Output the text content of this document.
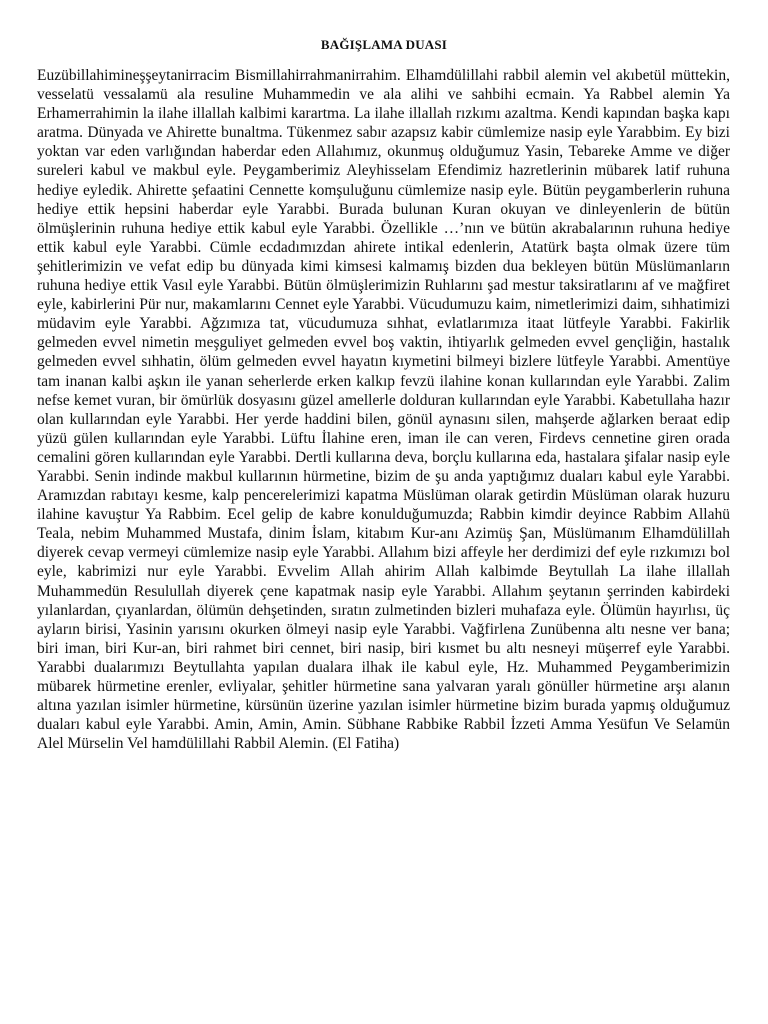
BAĞIŞLAMA DUASI

Euzübillahimineşşeytanirracim Bismillahirrahmanirrahim. Elhamdülillahi rabbil alemin vel akıbetül müttekin, vesselatü vessalamü ala resuline Muhammedin ve ala alihi ve sahbihi ecmain. Ya Rabbel alemin Ya Erhamerrahimin la ilahe illallah kalbimi karartma. La ilahe illallah rızkımı azaltma. Kendi kapından başka kapı aratma. Dünyada ve Ahirette bunaltma. Tükenmez sabır azapsız kabir cümlemize nasip eyle Yarabbim. Ey bizi yoktan var eden varlığından haberdar eden Allahımız, okunmuş olduğumuz Yasin, Tebareke Amme ve diğer sureleri kabul ve makbul eyle. Peygamberimiz Aleyhisselam Efendimiz hazretlerinin mübarek latif ruhuna hediye eyledik. Ahirette şefaatini Cennette komşuluğunu cümlemize nasip eyle. Bütün peygamberlerin ruhuna hediye ettik hepsini haberdar eyle Yarabbi. Burada bulunan Kuran okuyan ve dinleyenlerin de bütün ölmüşlerinin ruhuna hediye ettik kabul eyle Yarabbi. Özellikle …’nın ve bütün akrabalarının ruhuna hediye ettik kabul eyle Yarabbi. Cümle ecdadımızdan ahirete intikal edenlerin, Atatürk başta olmak üzere tüm şehitlerimizin ve vefat edip bu dünyada kimi kimsesi kalmamış bizden dua bekleyen bütün Müslümanların ruhuna hediye ettik Vasıl eyle Yarabbi. Bütün ölmüşlerimizin Ruhlarını şad mestur taksiratlarını af ve mağfiret eyle, kabirlerini Pür nur, makamlarını Cennet eyle Yarabbi. Vücudumuzu kaim, nimetlerimizi daim, sıhhatimizi müdavim eyle Yarabbi. Ağzımıza tat, vücudumuza sıhhat, evlatlarımıza itaat lütfeyle Yarabbi. Fakirlik gelmeden evvel nimetin meşguliyet gelmeden evvel boş vaktin, ihtiyarlık gelmeden evvel gençliğin, hastalık gelmeden evvel sıhhatin, ölüm gelmeden evvel hayatın kıymetini bilmeyi bizlere lütfeyle Yarabbi. Amentüye tam inanan kalbi aşkın ile yanan seherlerde erken kalkıp fevzü ilahine konan kullarından eyle Yarabbi. Zalim nefse kemet vuran, bir ömürlük dosyasını güzel amellerle dolduran kullarından eyle Yarabbi. Kabetullaha hazır olan kullarından eyle Yarabbi. Her yerde haddini bilen, gönül aynasını silen, mahşerde ağlarken beraat edip yüzü gülen kullarından eyle Yarabbi. Lüftu İlahine eren, iman ile can veren, Firdevs cennetine giren orada cemalini gören kullarından eyle Yarabbi. Dertli kullarına deva, borçlu kullarına eda, hastalara şifalar nasip eyle Yarabbi. Senin indinde makbul kullarının hürmetine, bizim de şu anda yaptığımız duaları kabul eyle Yarabbi. Aramızdan rabıtayı kesme, kalp pencerelerimizi kapatma Müslüman olarak getirdin Müslüman olarak huzuru ilahine kavuştur Ya Rabbim. Ecel gelip de kabre konulduğumuzda; Rabbin kimdir deyince Rabbim Allahü Teala, nebim Muhammed Mustafa, dinim İslam, kitabım Kur-anı Azimüş Şan, Müslümanım Elhamdülillah diyerek cevap vermeyi cümlemize nasip eyle Yarabbi. Allahım bizi affeyle her derdimizi def eyle rızkımızı bol eyle, kabrimizi nur eyle Yarabbi. Evvelim Allah ahirim Allah kalbimde Beytullah La ilahe illallah Muhammedün Resulullah diyerek çene kapatmak nasip eyle Yarabbi. Allahım şeytanın şerrinden kabirdeki yılanlardan, çıyanlardan, ölümün dehşetinden, sıratın zulmetinden bizleri muhafaza eyle. Ölümün hayırlısı, üç ayların birisi, Yasinin yarısını okurken ölmeyi nasip eyle Yarabbi. Vağfirlena Zunübenna altı nesne ver bana; biri iman, biri Kur-an, biri rahmet biri cennet, biri nasip, biri kısmet bu altı nesneyi müşerref eyle Yarabbi. Yarabbi dualarımızı Beytullahta yapılan dualara ilhak ile kabul eyle, Hz. Muhammed Peygamberimizin mübarek hürmetine erenler, evliyalar, şehitler hürmetine sana yalvaran yaralı gönüller hürmetine arşı alanın altına yazılan isimler hürmetine, kürsünün üzerine yazılan isimler hürmetine bizim burada yapmış olduğumuz duaları kabul eyle Yarabbi. Amin, Amin, Amin. Sübhane Rabbike Rabbil İzzeti Amma Yesüfun Ve Selamün Alel Mürselin Vel hamdülillahi Rabbil Alemin. (El Fatiha)
